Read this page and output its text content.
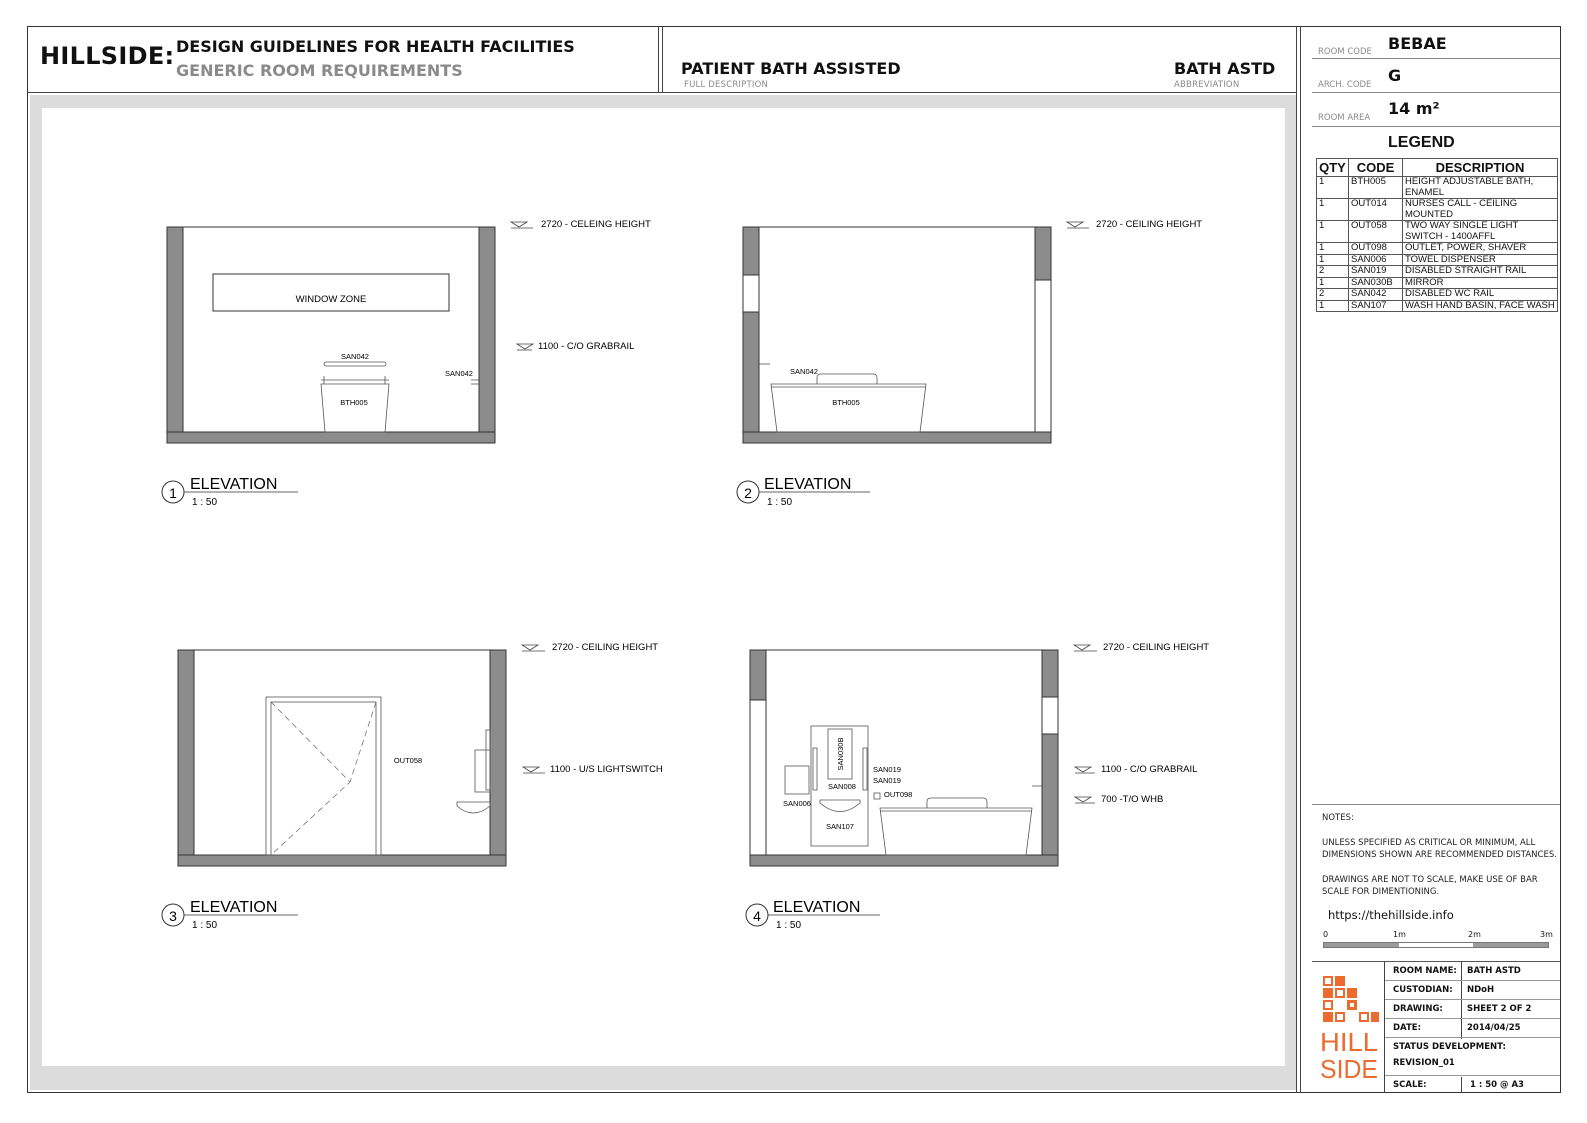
HILLSIDE: DESIGN GUIDELINES FOR HEALTH FACILITIES
GENERIC ROOM REQUIREMENTS	PATIENT BATH ASSISTED
FULL DESCRIPTION
BATH ASTD
ABBREVIATION
WINDOW ZONE
SAN042
SAN042
BTH005
2720 - CELEING HEIGHT
1100 - C/O GRABRAIL
1 ELEVATION
1 : 50
SAN042
BTH005
2720 - CEILING HEIGHT
2 ELEVATION
1 : 50
OUT058
2720 - CEILING HEIGHT
1100 - U/S LIGHTSWITCH
3 ELEVATION
1 : 50
SAN030B	SAN019
SAN019
SAN006
SAN008
OUT098
SAN107
2720 - CEILING HEIGHT
1100 - C/O GRABRAIL
700 -T/O WHB
4 ELEVATION
1 : 50
ROOM CODE BEBAE
ARCH. CODE G
ROOM AREA 14 m²
LEGEND
QTY	CODE	DESCRIPTION
1	BTH005	HEIGHT ADJUSTABLE BATH, ENAMEL
1	OUT014	NURSES CALL - CEILING MOUNTED
1	OUT058	TWO WAY SINGLE LIGHT SWITCH - 1400AFFL
1	OUT098	OUTLET, POWER, SHAVER
1	SAN006	TOWEL DISPENSER
2	SAN019	DISABLED STRAIGHT RAIL
1	SAN030B	MIRROR
2	SAN042	DISABLED WC RAIL
1	SAN107	WASH HAND BASIN, FACE WASH

NOTES:

UNLESS SPECIFIED AS CRITICAL OR MINIMUM, ALL DIMENSIONS SHOWN ARE RECOMMENDED DISTANCES.

DRAWINGS ARE NOT TO SCALE, MAKE USE OF BAR SCALE FOR DIMENTIONING.

https://thehillside.info
0	1m	2m	3m
HILL
SIDE
ROOM NAME: BATH ASTD
CUSTODIAN: NDoH
DRAWING:	SHEET 2 OF 2
DATE:	2014/04/25
STATUS DEVELOPMENT:
REVISION_01
SCALE:	1 : 50 @ A3
